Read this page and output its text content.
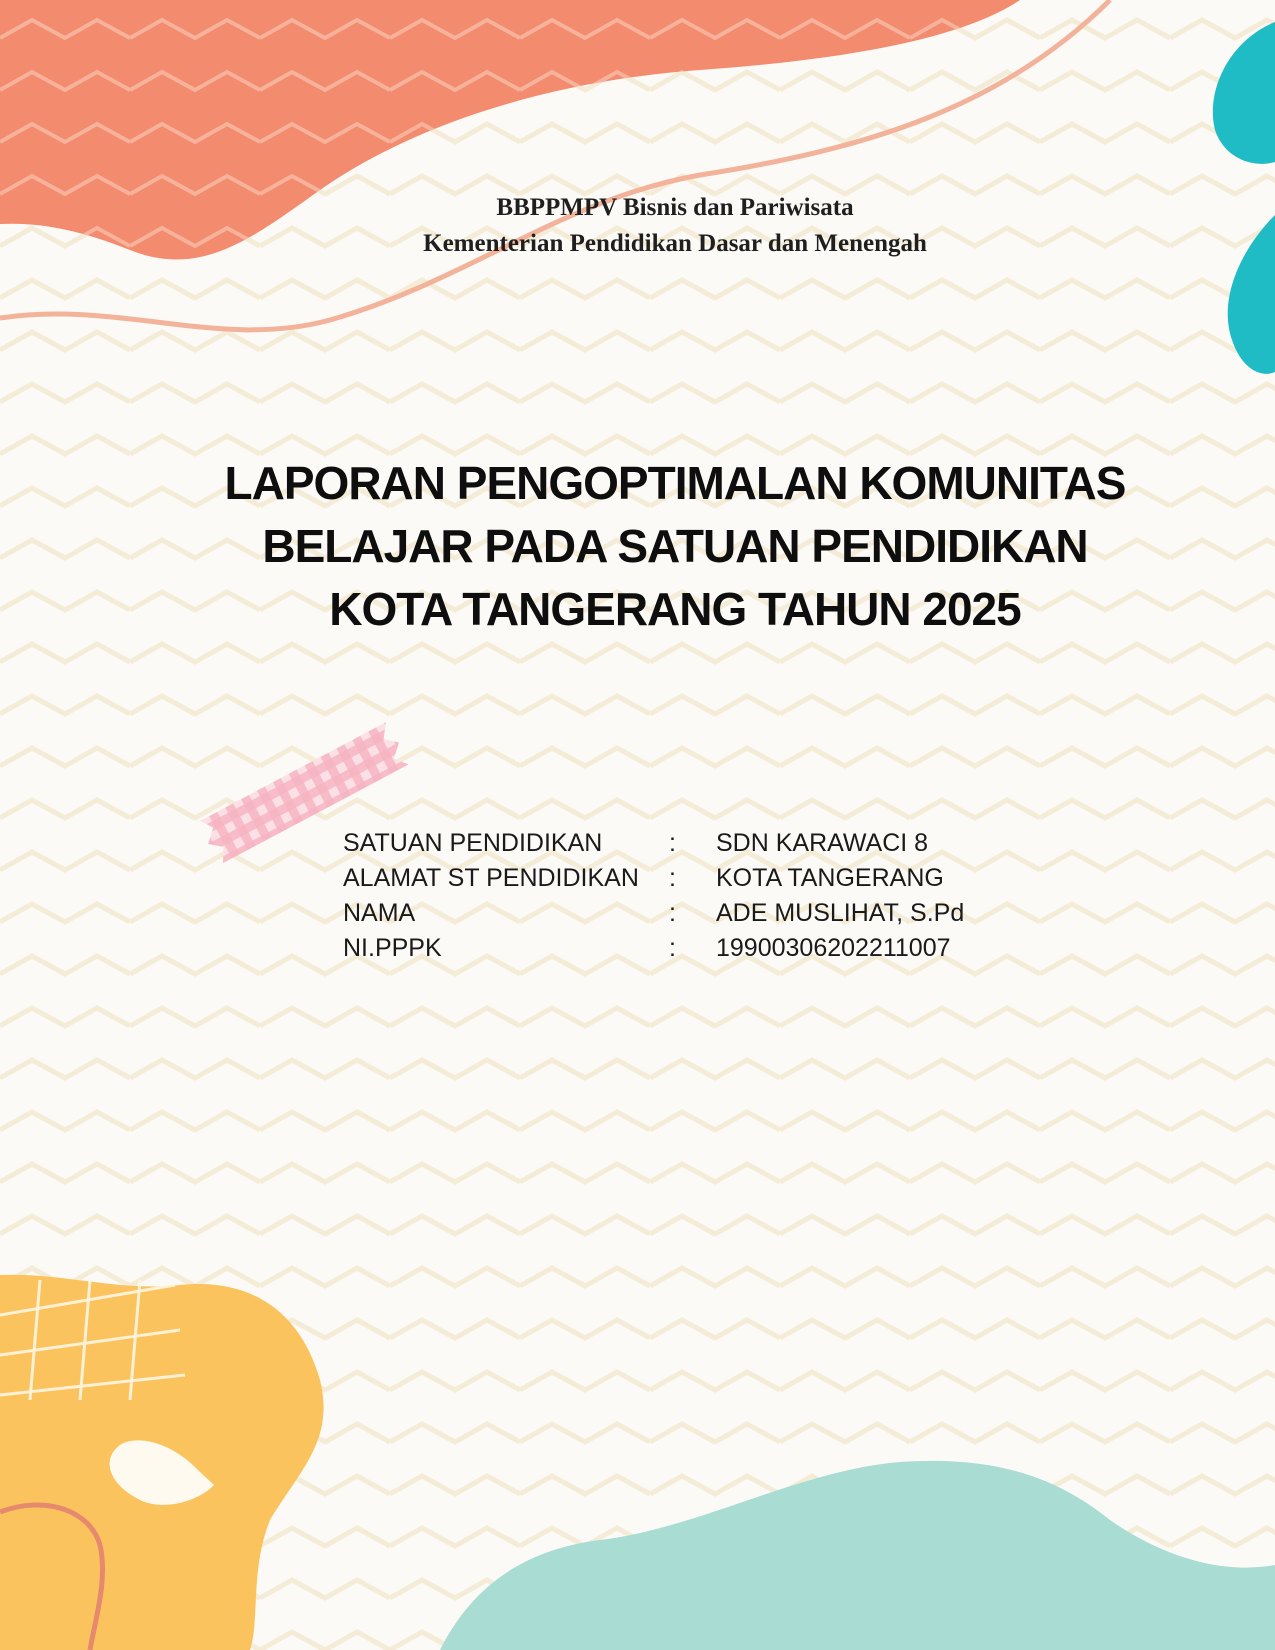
BBPPMPV Bisnis dan Pariwisata
Kementerian Pendidikan Dasar dan Menengah
LAPORAN PENGOPTIMALAN KOMUNITAS
BELAJAR PADA SATUAN PENDIDIKAN
KOTA TANGERANG TAHUN 2025
SATUAN PENDIDIKAN	:	SDN KARAWACI 8
ALAMAT ST PENDIDIKAN	:	KOTA TANGERANG
NAMA	:	ADE MUSLIHAT, S.Pd
NI.PPPK	:	19900306202211007
